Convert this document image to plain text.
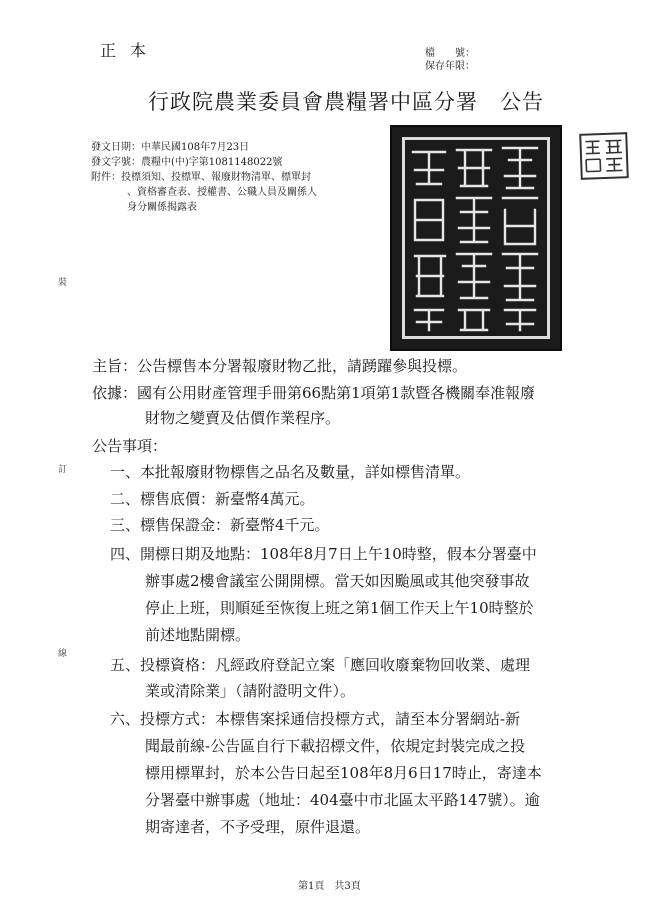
正本	檔　　號：
保存年限：
行政院農業委員會農糧署中區分署　公告
發文日期：中華民國108年7月23日
發文字號：農糧中(中)字第1081148022號
附件：投標須知、投標單、報廢財物清單、標單封
、資格審查表、授權書、公職人員及關係人
身分關係揭露表
裝
訂
線
主旨：公告標售本分署報廢財物乙批，請踴躍參與投標。
依據：國有公用財產管理手冊第66點第1項第1款暨各機關奉准報廢
財物之變賣及估價作業程序。
公告事項：
一、本批報廢財物標售之品名及數量，詳如標售清單。
二、標售底價：新臺幣4萬元。
三、標售保證金：新臺幣4千元。
四、開標日期及地點：108年8月7日上午10時整，假本分署臺中
辦事處2樓會議室公開開標。當天如因颱風或其他突發事故
停止上班，則順延至恢復上班之第1個工作天上午10時整於
前述地點開標。
五、投標資格：凡經政府登記立案「應回收廢棄物回收業、處理
業或清除業」（請附證明文件）。
六、投標方式：本標售案採通信投標方式，請至本分署網站-新
聞最前線-公告區自行下載招標文件，依規定封裝完成之投
標用標單封，於本公告日起至108年8月6日17時止，寄達本
分署臺中辦事處（地址：404臺中市北區太平路147號）。逾
期寄達者，不予受理，原件退還。
第1頁　共3頁
